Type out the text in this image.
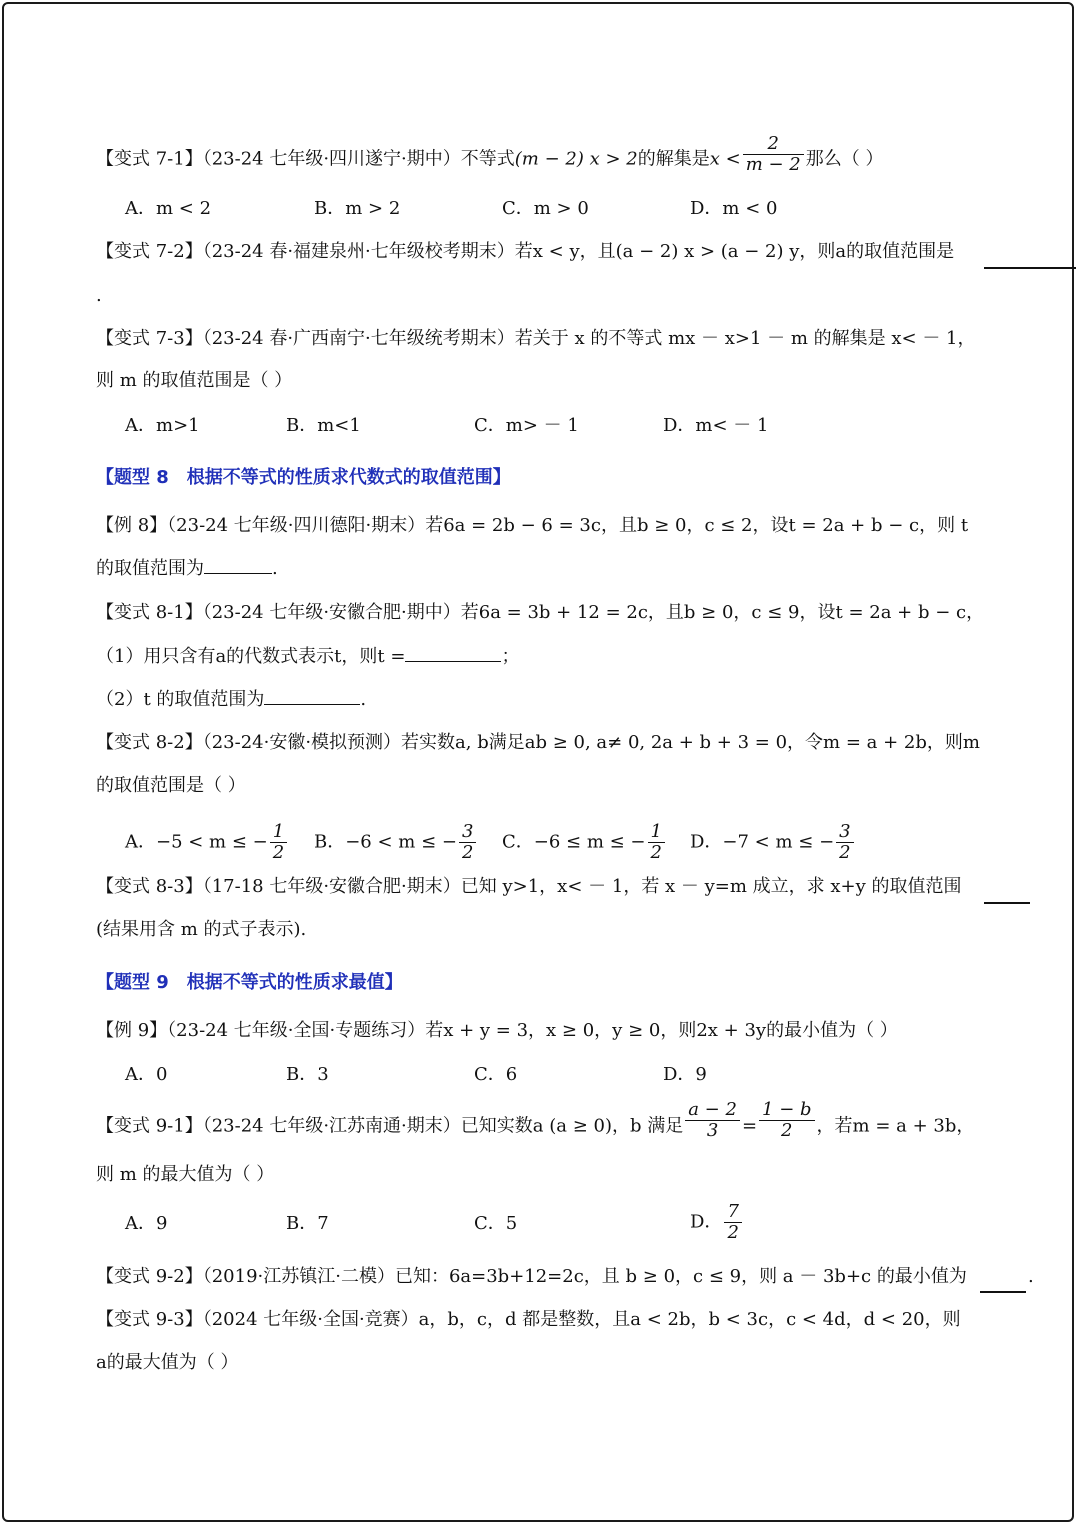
【变式 7-1】（23-24 七年级·四川遂宁·期中）不等式(m − 2) x > 2的解集是$x < \frac{2}{m - 2}$ 那么（ ）
A．m < 2	B．m > 2	C．m > 0	D．m < 0
【变式 7-2】（23-24 春·福建泉州·七年级校考期末）若x < y，且(a − 2) x > (a − 2) y，则a的取值范围是
.
【变式 7-3】（23-24 春·广西南宁·七年级统考期末）若关于 x 的不等式 mx － x>1 － m 的解集是 x< － 1，
则 m 的取值范围是（ ）
A．m>1	B．m<1	C．m> － 1	D．m< － 1
【题型 8　根据不等式的性质求代数式的取值范围】
【例 8】（23-24 七年级·四川德阳·期末）若6a = 2b − 6 = 3c，且b ≥ 0，c ≤ 2，设t = 2a + b − c，则 t
的取值范围为	.
【变式 8-1】（23-24 七年级·安徽合肥·期中）若6a = 3b + 12 = 2c，且b ≥ 0，c ≤ 9，设t = 2a + b − c，
（1）用只含有a的代数式表示t，则t =	；
（2）t 的取值范围为	.
【变式 8-2】（23-24·安徽·模拟预测）若实数a, b满足ab ≥ 0, a≠ 0, 2a + b + 3 = 0，令m = a + 2b，则m
的取值范围是（ ）
A．−5 < m ≤ − $\frac{1}{2}$ B．−6 < m ≤ − $\frac{3}{2}$ C．−6 ≤ m ≤ − $\frac{1}{2}$ D．−7 < m ≤ − $\frac{3}{2}$
【变式 8-3】（17-18 七年级·安徽合肥·期末）已知 y>1，x< － 1，若 x － y=m 成立，求 x+y 的取值范围
(结果用含 m 的式子表示).
【题型 9　根据不等式的性质求最值】
【例 9】（23-24 七年级·全国·专题练习）若x + y = 3，x ≥ 0，y ≥ 0，则2x + 3y的最小值为（ ）
A．0	B．3	C．6	D．9
【变式 9-1】（23-24 七年级·江苏南通·期末）已知实数a (a ≥ 0)，b 满足 $\frac{a - 2}{3} = \frac{1 - b}{2}$ ，若m = a + 3b，
则 m 的最大值为（ ）
A．9	B．7	C．5	D． $\frac{7}{2}$
【变式 9-2】（2019·江苏镇江·二模）已知：6a=3b+12=2c，且 b ≥ 0，c ≤ 9，则 a － 3b+c 的最小值为	.
【变式 9-3】（2024 七年级·全国·竞赛）a，b，c，d 都是整数，且a < 2b，b < 3c，c < 4d，d < 20，则
a的最大值为（ ）
